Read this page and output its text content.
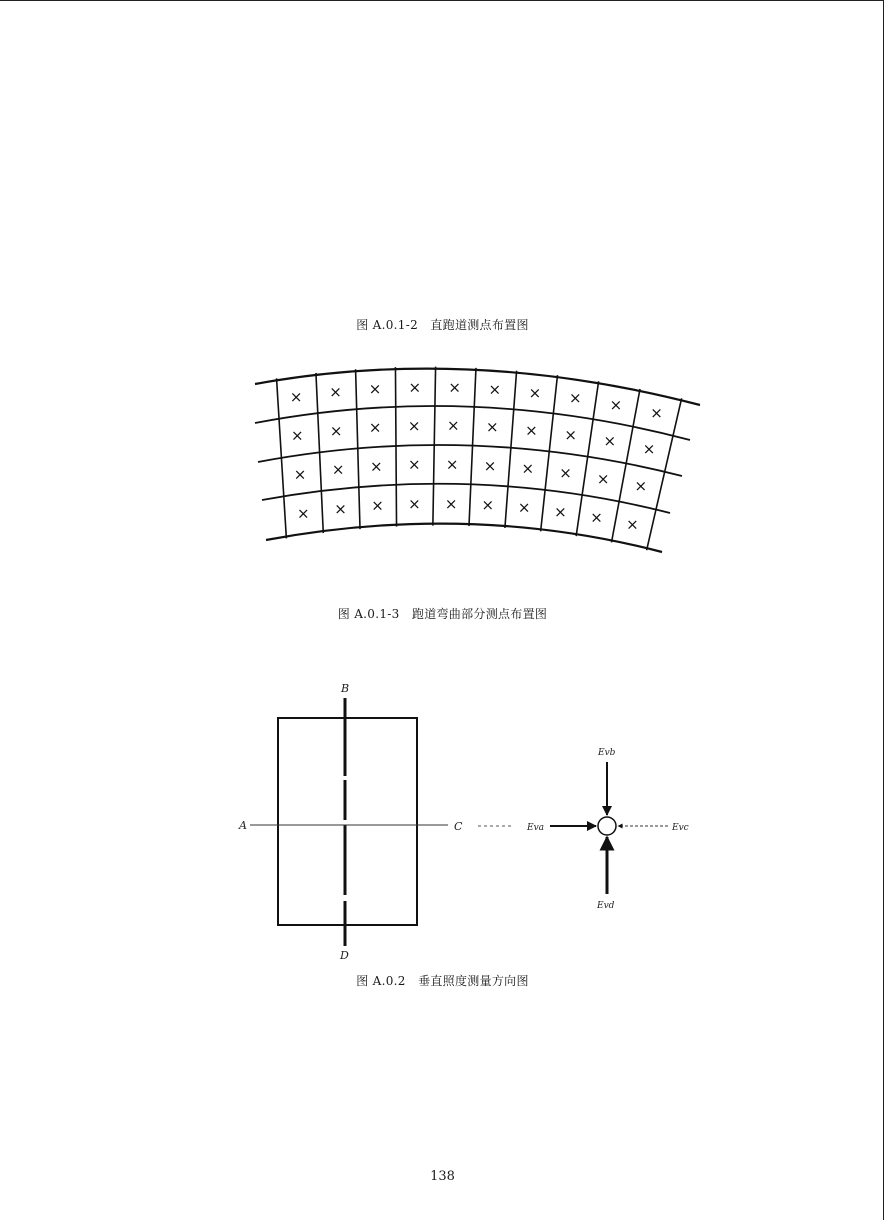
图 A.0.1-2 直跑道测点布置图
× × × × × × × × × ×
× × × × × × × × × ×
× × × × × × × × × ×
× × × × × × × × × ×
图 A.0.1-3 跑道弯曲部分测点布置图
B
A	C
D
Evb
Eva	Evc
Evd
图 A.0.2 垂直照度测量方向图
138
